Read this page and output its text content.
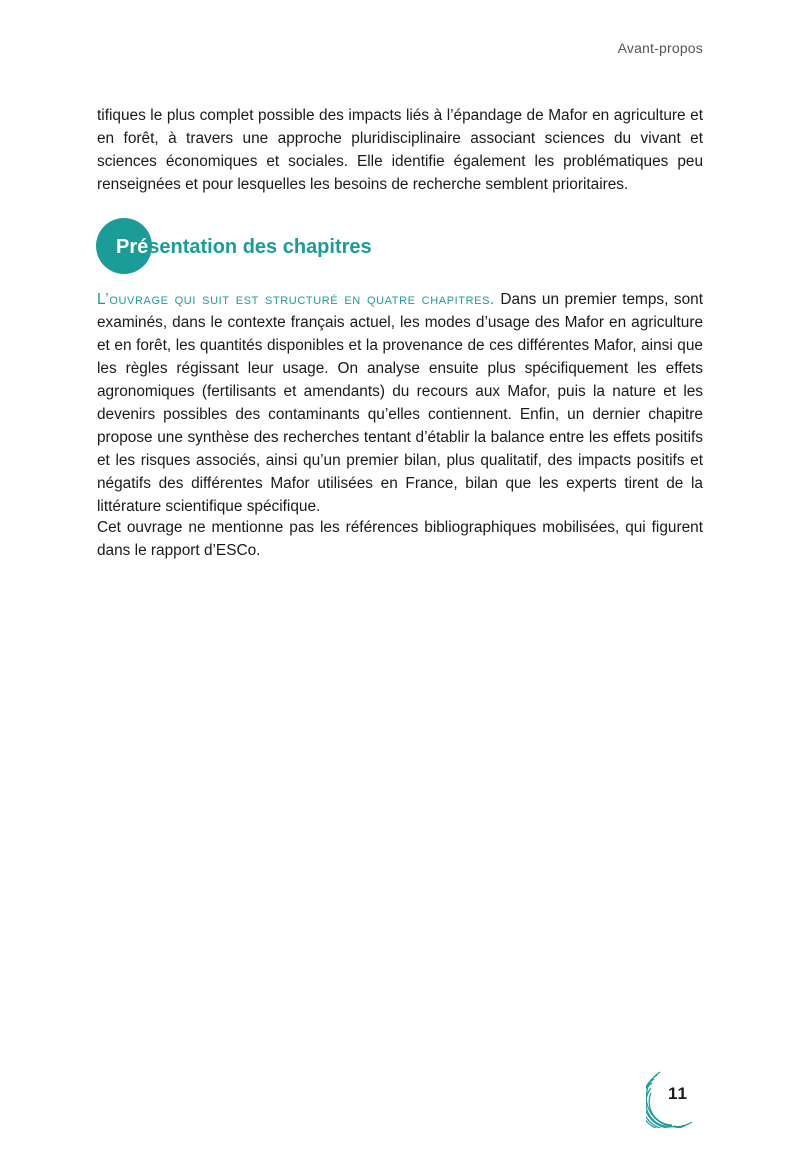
Avant-propos

tifiques le plus complet possible des impacts liés à l’épandage de Mafor en agriculture et en forêt, à travers une approche pluridisciplinaire associant sciences du vivant et sciences économiques et sociales. Elle identifie également les problématiques peu renseignées et pour lesquelles les besoins de recherche semblent prioritaires.

Présentation des chapitres

L’ouvrage qui suit est structuré en quatre chapitres. Dans un premier temps, sont examinés, dans le contexte français actuel, les modes d’usage des Mafor en agriculture et en forêt, les quantités disponibles et la provenance de ces différentes Mafor, ainsi que les règles régissant leur usage. On analyse ensuite plus spécifiquement les effets agronomiques (fertilisants et amendants) du recours aux Mafor, puis la nature et les devenirs possibles des contaminants qu’elles contiennent. Enfin, un dernier chapitre propose une synthèse des recherches tentant d’établir la balance entre les effets positifs et les risques associés, ainsi qu’un premier bilan, plus qualitatif, des impacts positifs et négatifs des différentes Mafor utilisées en France, bilan que les experts tirent de la littérature scientifique spécifique.

Cet ouvrage ne mentionne pas les références bibliographiques mobilisées, qui figurent dans le rapport d’ESCo.

11
